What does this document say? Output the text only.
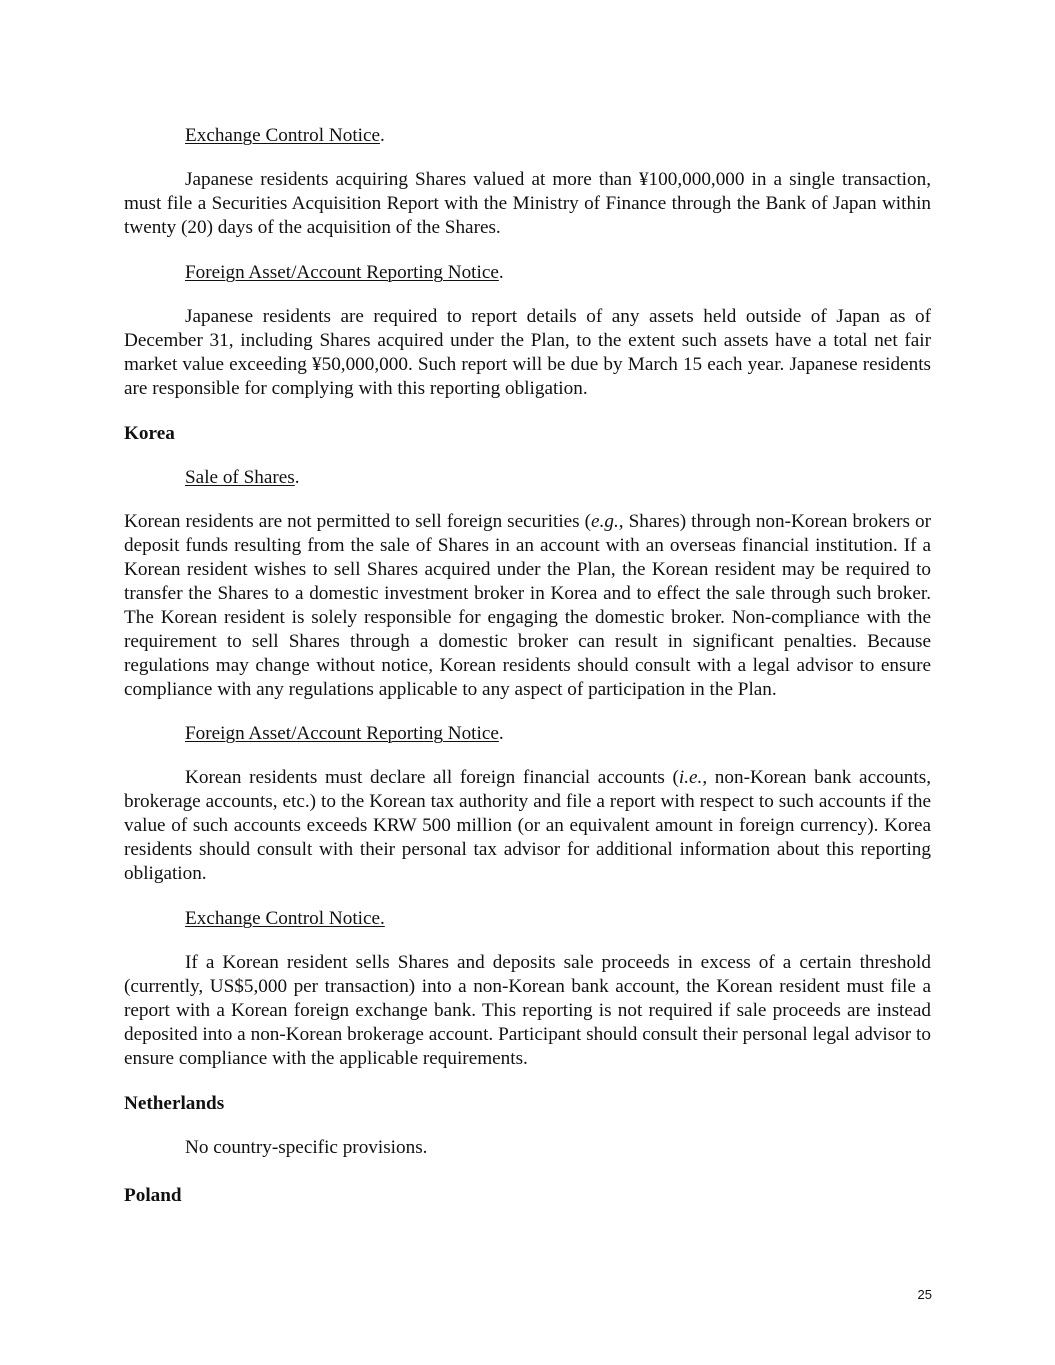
Exchange Control Notice.

Japanese residents acquiring Shares valued at more than ¥100,000,000 in a single transaction, must file a Securities Acquisition Report with the Ministry of Finance through the Bank of Japan within twenty (20) days of the acquisition of the Shares.

Foreign Asset/Account Reporting Notice.

Japanese residents are required to report details of any assets held outside of Japan as of December 31, including Shares acquired under the Plan, to the extent such assets have a total net fair market value exceeding ¥50,000,000. Such report will be due by March 15 each year. Japanese residents are responsible for complying with this reporting obligation.

Korea

Sale of Shares.

Korean residents are not permitted to sell foreign securities (e.g., Shares) through non-Korean brokers or deposit funds resulting from the sale of Shares in an account with an overseas financial institution. If a Korean resident wishes to sell Shares acquired under the Plan, the Korean resident may be required to transfer the Shares to a domestic investment broker in Korea and to effect the sale through such broker. The Korean resident is solely responsible for engaging the domestic broker. Non-compliance with the requirement to sell Shares through a domestic broker can result in significant penalties. Because regulations may change without notice, Korean residents should consult with a legal advisor to ensure compliance with any regulations applicable to any aspect of participation in the Plan.

Foreign Asset/Account Reporting Notice.

Korean residents must declare all foreign financial accounts (i.e., non-Korean bank accounts, brokerage accounts, etc.) to the Korean tax authority and file a report with respect to such accounts if the value of such accounts exceeds KRW 500 million (or an equivalent amount in foreign currency). Korea residents should consult with their personal tax advisor for additional information about this reporting obligation.

Exchange Control Notice.

If a Korean resident sells Shares and deposits sale proceeds in excess of a certain threshold (currently, US$5,000 per transaction) into a non-Korean bank account, the Korean resident must file a report with a Korean foreign exchange bank. This reporting is not required if sale proceeds are instead deposited into a non-Korean brokerage account. Participant should consult their personal legal advisor to ensure compliance with the applicable requirements.

Netherlands

No country-specific provisions.

Poland

25
